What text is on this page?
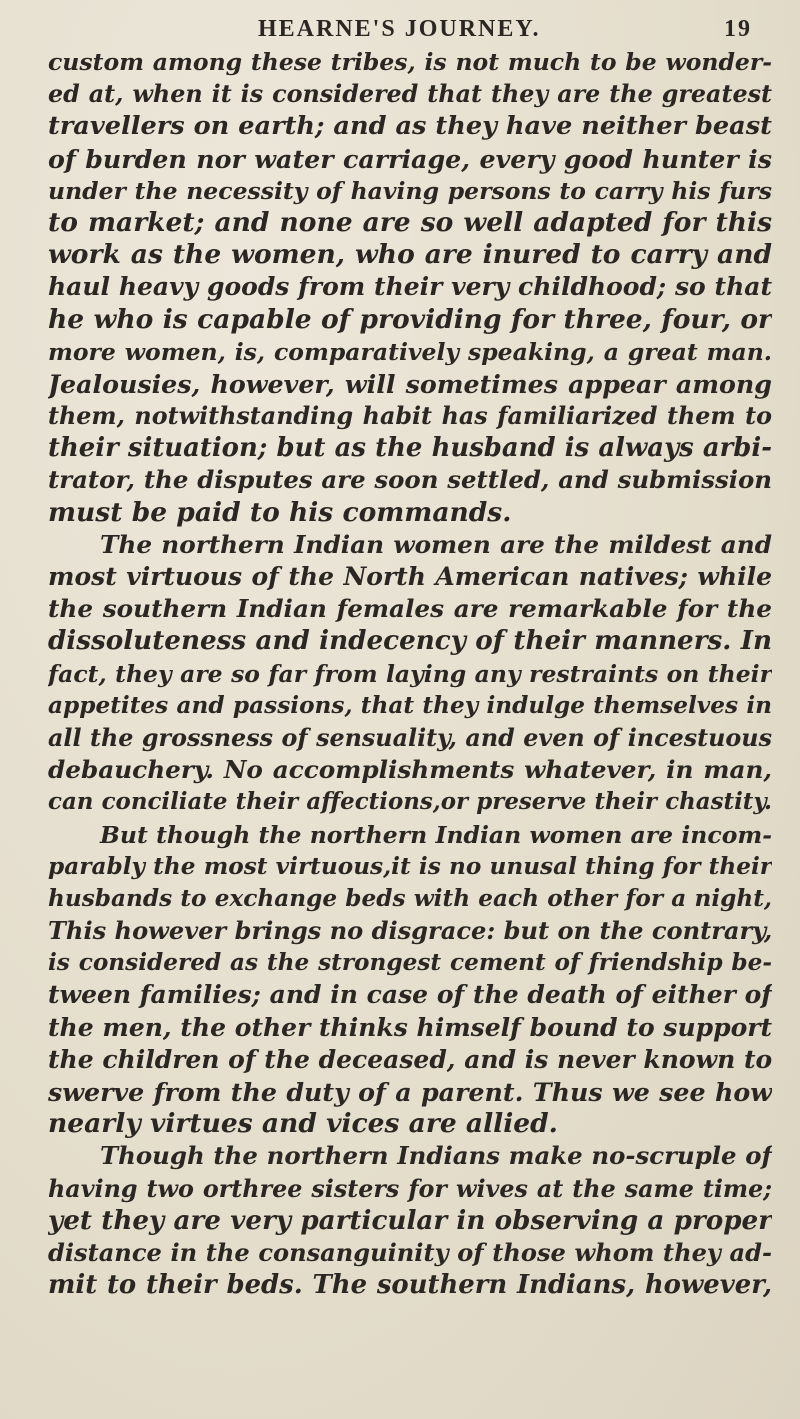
HEARNE'S JOURNEY.	19
custom among these tribes, is not much to be wonder-
ed at, when it is considered that they are the greatest
travellers on earth; and as they have neither beast
of burden nor water carriage, every good hunter is
under the necessity of having persons to carry his furs
to market; and none are so well adapted for this
work as the women, who are inured to carry and
haul heavy goods from their very childhood; so that
he who is capable of providing for three, four, or
more women, is, comparatively speaking, a great man.
Jealousies, however, will sometimes appear among
them, notwithstanding habit has familiarized them to
their situation; but as the husband is always arbi-
trator, the disputes are soon settled, and submission
must be paid to his commands.
The northern Indian women are the mildest and
most virtuous of the North American natives; while
the southern Indian females are remarkable for the
dissoluteness and indecency of their manners. In
fact, they are so far from laying any restraints on their
appetites and passions, that they indulge themselves in
all the grossness of sensuality, and even of incestuous
debauchery. No accomplishments whatever, in man,
can conciliate their affections,or preserve their chastity.
But though the northern Indian women are incom-
parably the most virtuous,it is no unusal thing for their
husbands to exchange beds with each other for a night,
This however brings no disgrace: but on the contrary,
is considered as the strongest cement of friendship be-
tween families; and in case of the death of either of
the men, the other thinks himself bound to support
the children of the deceased, and is never known to
swerve from the duty of a parent. Thus we see how
nearly virtues and vices are allied.
Though the northern Indians make no-scruple of
having two orthree sisters for wives at the same time;
yet they are very particular in observing a proper
distance in the consanguinity of those whom they ad-
mit to their beds. The southern Indians, however,
